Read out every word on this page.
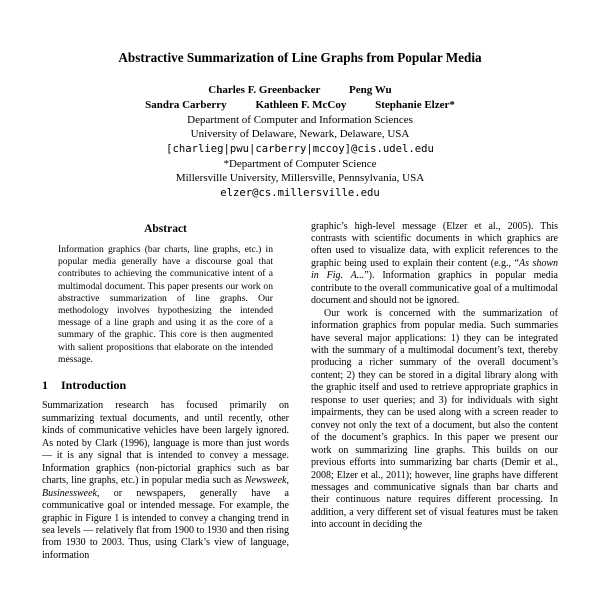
Abstractive Summarization of Line Graphs from Popular Media
Charles F. Greenbacker	Peng Wu
Sandra Carberry	Kathleen F. McCoy	Stephanie Elzer*
Department of Computer and Information Sciences
University of Delaware, Newark, Delaware, USA
[charlieg|pwu|carberry|mccoy]@cis.udel.edu
*Department of Computer Science
Millersville University, Millersville, Pennsylvania, USA
elzer@cs.millersville.edu
Abstract

Information graphics (bar charts, line graphs, etc.) in popular media generally have a discourse goal that contributes to achieving the communicative intent of a multimodal document. This paper presents our work on abstractive summarization of line graphs. Our methodology involves hypothesizing the intended message of a line graph and using it as the core of a summary of the graphic. This core is then augmented with salient propositions that elaborate on the intended message.

1 Introduction

Summarization research has focused primarily on summarizing textual documents, and until recently, other kinds of communicative vehicles have been largely ignored. As noted by Clark (1996), language is more than just words — it is any signal that is intended to convey a message. Information graphics (non-pictorial graphics such as bar charts, line graphs, etc.) in popular media such as Newsweek, Businessweek, or newspapers, generally have a communicative goal or intended message. For example, the graphic in Figure 1 is intended to convey a changing trend in sea levels — relatively flat from 1900 to 1930 and then rising from 1930 to 2003. Thus, using Clark’s view of language, information

graphic’s high-level message (Elzer et al., 2005). This contrasts with scientific documents in which graphics are often used to visualize data, with explicit references to the graphic being used to explain their content (e.g., “As shown in Fig. A...”). Information graphics in popular media contribute to the overall communicative goal of a multimodal document and should not be ignored.

Our work is concerned with the summarization of information graphics from popular media. Such summaries have several major applications: 1) they can be integrated with the summary of a multimodal document’s text, thereby producing a richer summary of the overall document’s content; 2) they can be stored in a digital library along with the graphic itself and used to retrieve appropriate graphics in response to user queries; and 3) for individuals with sight impairments, they can be used along with a screen reader to convey not only the text of a document, but also the content of the document’s graphics. In this paper we present our work on summarizing line graphs. This builds on our previous efforts into summarizing bar charts (Demir et al., 2008; Elzer et al., 2011); however, line graphs have different messages and communicative signals than bar charts and their continuous nature requires different processing. In addition, a very different set of visual features must be taken into account in deciding the
